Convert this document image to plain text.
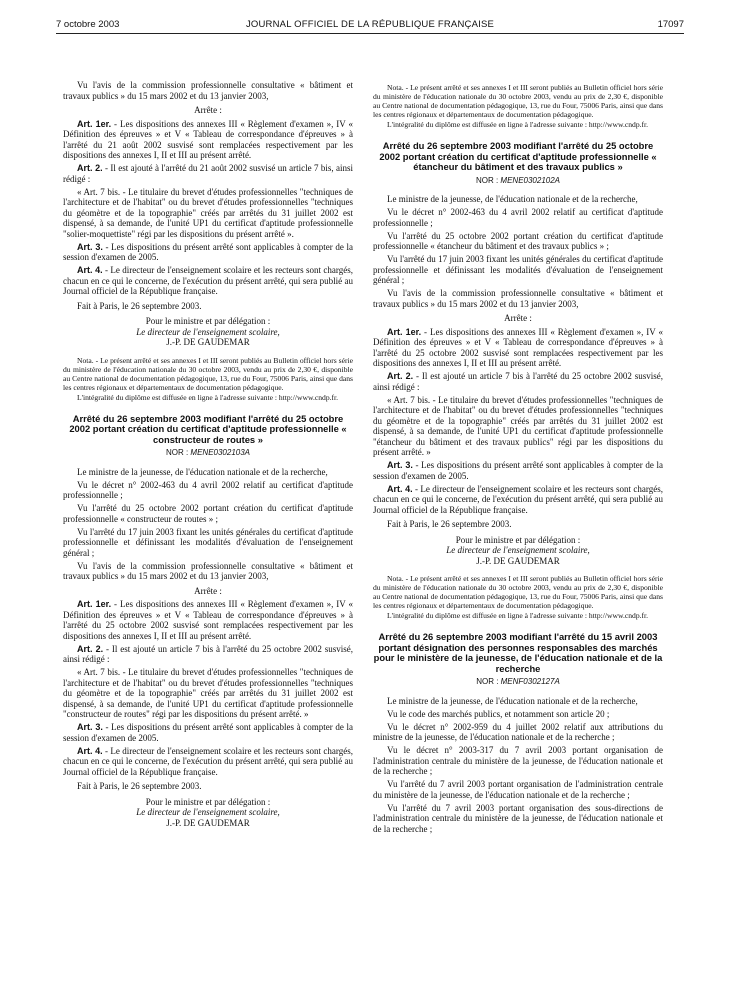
7 octobre 2003	JOURNAL OFFICIEL DE LA RÉPUBLIQUE FRANÇAISE	17097

Vu l'avis de la commission professionnelle consultative « bâtiment et travaux publics » du 15 mars 2002 et du 13 janvier 2003,

Arrête :

Art. 1er. - Les dispositions des annexes III « Règlement d'examen », IV « Définition des épreuves » et V « Tableau de correspondance d'épreuves » à l'arrêté du 21 août 2002 susvisé sont remplacées respectivement par les dispositions des annexes I, II et III au présent arrêté.

Art. 2. - Il est ajouté à l'arrêté du 21 août 2002 susvisé un article 7 bis, ainsi rédigé :

« Art. 7 bis. - Le titulaire du brevet d'études professionnelles "techniques de l'architecture et de l'habitat" ou du brevet d'études professionnelles "techniques du géomètre et de la topographie" créés par arrêtés du 31 juillet 2002 est dispensé, à sa demande, de l'unité UP1 du certificat d'aptitude professionnelle "solier-moquettiste" régi par les dispositions du présent arrêté ».

Art. 3. - Les dispositions du présent arrêté sont applicables à compter de la session d'examen de 2005.

Art. 4. - Le directeur de l'enseignement scolaire et les recteurs sont chargés, chacun en ce qui le concerne, de l'exécution du présent arrêté, qui sera publié au Journal officiel de la République française.

Fait à Paris, le 26 septembre 2003.

Pour le ministre et par délégation :

Le directeur de l'enseignement scolaire,

J.-P. DE GAUDEMAR

Nota. - Le présent arrêté et ses annexes I et III seront publiés au Bulletin officiel hors série du ministère de l'éducation nationale du 30 octobre 2003, vendu au prix de 2,30 €, disponible au Centre national de documentation pédagogique, 13, rue du Four, 75006 Paris, ainsi que dans les centres régionaux et départementaux de documentation pédagogique.

L'intégralité du diplôme est diffusée en ligne à l'adresse suivante : http://www.cndp.fr.

Arrêté du 26 septembre 2003 modifiant l'arrêté du 25 octobre 2002 portant création du certificat d'aptitude professionnelle « constructeur de routes »

NOR : MENE0302103A

Le ministre de la jeunesse, de l'éducation nationale et de la recherche,

Vu le décret n° 2002-463 du 4 avril 2002 relatif au certificat d'aptitude professionnelle ;

Vu l'arrêté du 25 octobre 2002 portant création du certificat d'aptitude professionnelle « constructeur de routes » ;

Vu l'arrêté du 17 juin 2003 fixant les unités générales du certificat d'aptitude professionnelle et définissant les modalités d'évaluation de l'enseignement général ;

Vu l'avis de la commission professionnelle consultative « bâtiment et travaux publics » du 15 mars 2002 et du 13 janvier 2003,

Arrête :

Art. 1er. - Les dispositions des annexes III « Règlement d'examen », IV « Définition des épreuves » et V « Tableau de correspondance d'épreuves » à l'arrêté du 25 octobre 2002 susvisé sont remplacées respectivement par les dispositions des annexes I, II et III au présent arrêté.

Art. 2. - Il est ajouté un article 7 bis à l'arrêté du 25 octobre 2002 susvisé, ainsi rédigé :

« Art. 7 bis. - Le titulaire du brevet d'études professionnelles "techniques de l'architecture et de l'habitat" ou du brevet d'études professionnelles "techniques du géomètre et de la topographie" créés par arrêtés du 31 juillet 2002 est dispensé, à sa demande, de l'unité UP1 du certificat d'aptitude professionnelle "constructeur de routes" régi par les dispositions du présent arrêté. »

Art. 3. - Les dispositions du présent arrêté sont applicables à compter de la session d'examen de 2005.

Art. 4. - Le directeur de l'enseignement scolaire et les recteurs sont chargés, chacun en ce qui le concerne, de l'exécution du présent arrêté, qui sera publié au Journal officiel de la République française.

Fait à Paris, le 26 septembre 2003.

Pour le ministre et par délégation :

Le directeur de l'enseignement scolaire,

J.-P. DE GAUDEMAR

Nota. - Le présent arrêté et ses annexes I et III seront publiés au Bulletin officiel hors série du ministère de l'éducation nationale du 30 octobre 2003, vendu au prix de 2,30 €, disponible au Centre national de documentation pédagogique, 13, rue du Four, 75006 Paris, ainsi que dans les centres régionaux et départementaux de documentation pédagogique.

L'intégralité du diplôme est diffusée en ligne à l'adresse suivante : http://www.cndp.fr.

Arrêté du 26 septembre 2003 modifiant l'arrêté du 25 octobre 2002 portant création du certificat d'aptitude professionnelle « étancheur du bâtiment et des travaux publics »

NOR : MENE0302102A

Le ministre de la jeunesse, de l'éducation nationale et de la recherche,

Vu le décret n° 2002-463 du 4 avril 2002 relatif au certificat d'aptitude professionnelle ;

Vu l'arrêté du 25 octobre 2002 portant création du certificat d'aptitude professionnelle « étancheur du bâtiment et des travaux publics » ;

Vu l'arrêté du 17 juin 2003 fixant les unités générales du certificat d'aptitude professionnelle et définissant les modalités d'évaluation de l'enseignement général ;

Vu l'avis de la commission professionnelle consultative « bâtiment et travaux publics » du 15 mars 2002 et du 13 janvier 2003,

Arrête :

Art. 1er. - Les dispositions des annexes III « Règlement d'examen », IV « Définition des épreuves » et V « Tableau de correspondance d'épreuves » à l'arrêté du 25 octobre 2002 susvisé sont remplacées respectivement par les dispositions des annexes I, II et III au présent arrêté.

Art. 2. - Il est ajouté un article 7 bis à l'arrêté du 25 octobre 2002 susvisé, ainsi rédigé :

« Art. 7 bis. - Le titulaire du brevet d'études professionnelles "techniques de l'architecture et de l'habitat" ou du brevet d'études professionnelles "techniques du géomètre et de la topographie" créés par arrêtés du 31 juillet 2002 est dispensé, à sa demande, de l'unité UP1 du certificat d'aptitude professionnelle "étancheur du bâtiment et des travaux publics" régi par les dispositions du présent arrêté. »

Art. 3. - Les dispositions du présent arrêté sont applicables à compter de la session d'examen de 2005.

Art. 4. - Le directeur de l'enseignement scolaire et les recteurs sont chargés, chacun en ce qui le concerne, de l'exécution du présent arrêté, qui sera publié au Journal officiel de la République française.

Fait à Paris, le 26 septembre 2003.

Pour le ministre et par délégation :

Le directeur de l'enseignement scolaire,

J.-P. DE GAUDEMAR

Nota. - Le présent arrêté et ses annexes I et III seront publiés au Bulletin officiel hors série du ministère de l'éducation nationale du 30 octobre 2003, vendu au prix de 2,30 €, disponible au Centre national de documentation pédagogique, 13, rue du Four, 75006 Paris, ainsi que dans les centres régionaux et départementaux de documentation pédagogique.

L'intégralité du diplôme est diffusée en ligne à l'adresse suivante : http://www.cndp.fr.

Arrêté du 26 septembre 2003 modifiant l'arrêté du 15 avril 2003 portant désignation des personnes responsables des marchés pour le ministère de la jeunesse, de l'éducation nationale et de la recherche

NOR : MENF0302127A

Le ministre de la jeunesse, de l'éducation nationale et de la recherche,

Vu le code des marchés publics, et notamment son article 20 ;

Vu le décret n° 2002-959 du 4 juillet 2002 relatif aux attributions du ministre de la jeunesse, de l'éducation nationale et de la recherche ;

Vu le décret n° 2003-317 du 7 avril 2003 portant organisation de l'administration centrale du ministère de la jeunesse, de l'éducation nationale et de la recherche ;

Vu l'arrêté du 7 avril 2003 portant organisation de l'administration centrale du ministère de la jeunesse, de l'éducation nationale et de la recherche ;

Vu l'arrêté du 7 avril 2003 portant organisation des sous-directions de l'administration centrale du ministère de la jeunesse, de l'éducation nationale et de la recherche ;
